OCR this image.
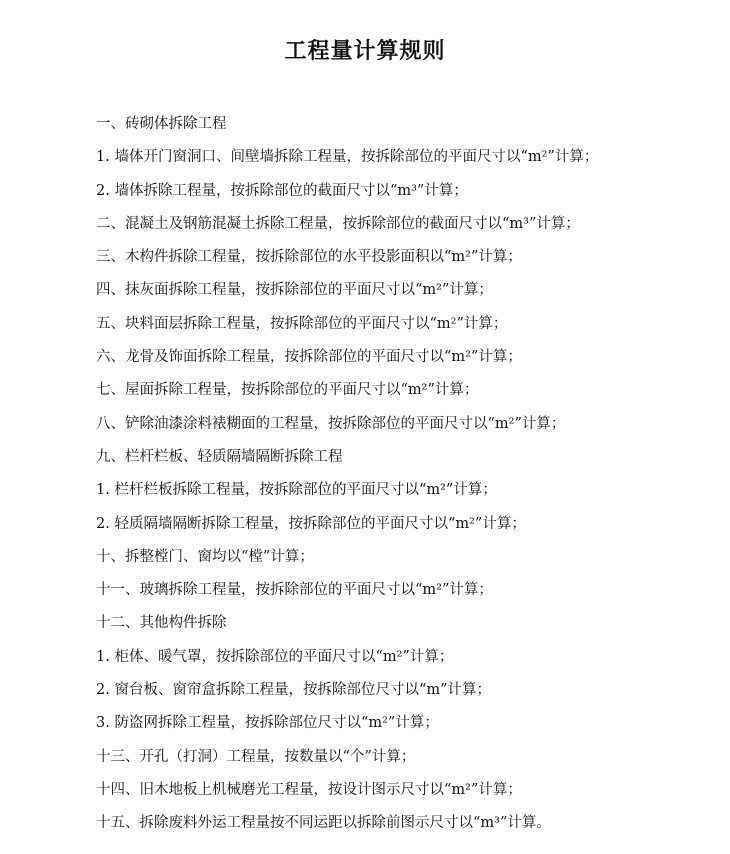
工程量计算规则
一、砖砌体拆除工程
1. 墙体开门窗洞口、间壁墙拆除工程量，按拆除部位的平面尺寸以“m²”计算；
2. 墙体拆除工程量，按拆除部位的截面尺寸以“m³”计算；
二、混凝土及钢筋混凝土拆除工程量，按拆除部位的截面尺寸以“m³”计算；
三、木构件拆除工程量，按拆除部位的水平投影面积以“m²”计算；
四、抹灰面拆除工程量，按拆除部位的平面尺寸以“m²”计算；
五、块料面层拆除工程量，按拆除部位的平面尺寸以“m²”计算；
六、龙骨及饰面拆除工程量，按拆除部位的平面尺寸以“m²”计算；
七、屋面拆除工程量，按拆除部位的平面尺寸以“m²”计算；
八、铲除油漆涂料裱糊面的工程量，按拆除部位的平面尺寸以“m²”计算；
九、栏杆栏板、轻质隔墙隔断拆除工程
1. 栏杆栏板拆除工程量，按拆除部位的平面尺寸以“m²”计算；
2. 轻质隔墙隔断拆除工程量，按拆除部位的平面尺寸以“m²”计算；
十、拆整樘门、窗均以“樘”计算；
十一、玻璃拆除工程量，按拆除部位的平面尺寸以“m²”计算；
十二、其他构件拆除
1. 柜体、暖气罩，按拆除部位的平面尺寸以“m²”计算；
2. 窗台板、窗帘盒拆除工程量，按拆除部位尺寸以“m”计算；
3. 防盗网拆除工程量，按拆除部位尺寸以“m²”计算；
十三、开孔（打洞）工程量，按数量以“个”计算；
十四、旧木地板上机械磨光工程量，按设计图示尺寸以“m²”计算；
十五、拆除废料外运工程量按不同运距以拆除前图示尺寸以“m³”计算。
